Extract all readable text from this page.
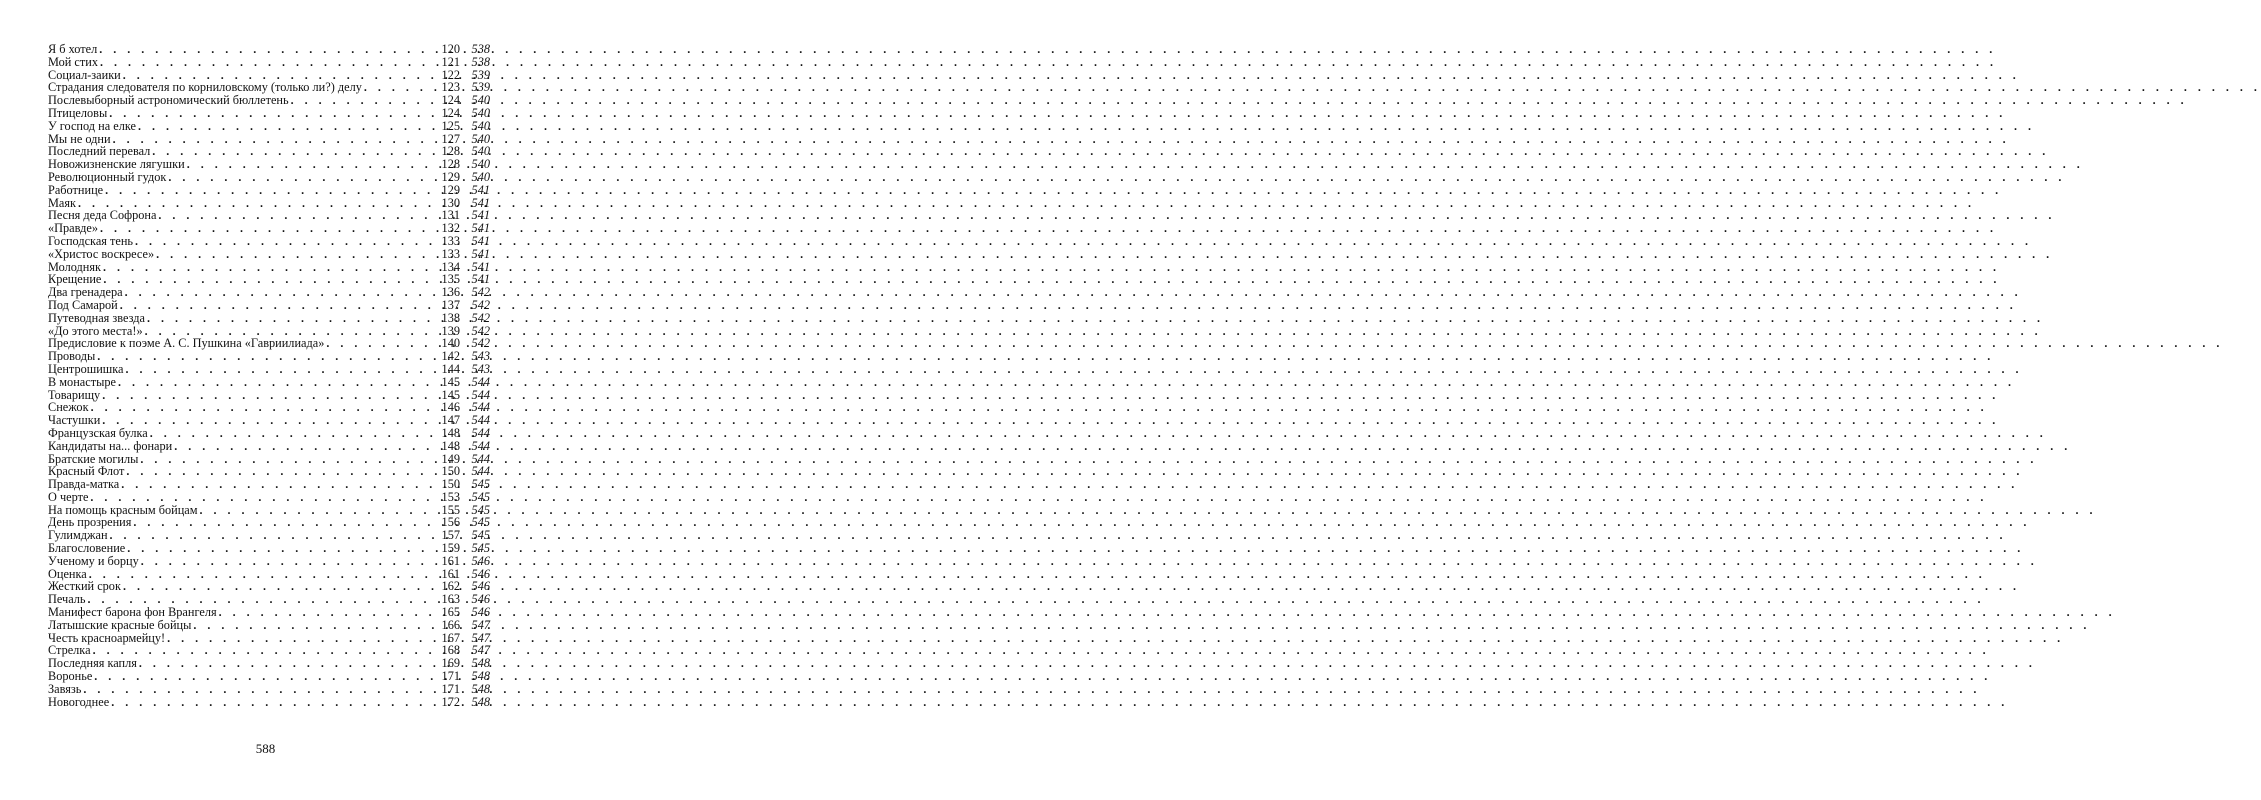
Я б хотел . . .	120 538
Мой стих . . .	121 538
Социал-заики . . .	122 539
Страдания следователя по корниловскому (только ли?) делу . . .	123 539
Послевыборный астрономический бюллетень . . .	124 540
Птицеловы . . .	124 540
У господ на елке . . .	125 540
Мы не одни . . .	127 540
Последний перевал . . .	128 540
Новожизненские лягушки . . .	128 540
Революционный гудок . . .	129 540
Работнице . . .	129 541
Маяк . . .	130 541
Песня деда Софрона . . .	131 541
«Правде» . . .	132 541
Господская тень . . .	133 541
«Христос воскресе» . . .	133 541
Молодняк . . .	134 541
Крещение . . .	135 541
Два гренадера . . .	136 542
Под Самарой . . .	137 542
Путеводная звезда . . .	138 542
«До этого места!» . . .	139 542
Предисловие к поэме А. С. Пушкина «Гавриилиада» . . .	140 542
Проводы . . .	142 543
Центрошишка . . .	144 543
В монастыре . . .	145 544
Товарищу . . .	145 544
Снежок . . .	146 544
Частушки . . .	147 544
Французская булка . . .	148 544
Кандидаты на... фонари . . .	148 544
Братские могилы . . .	149 544
Красный Флот . . .	150 544
Правда-матка . . .	150 545
О черте . . .	153 545
На помощь красным бойцам . . .	155 545
День прозрения . . .	156 545
Гулимджан . . .	157 545
Благословение . . .	159 545
Ученому и борцу . . .	161 546
Оценка . . .	161 546
Жесткий срок . . .	162 546
Печаль . . .	163 546
Манифест барона фон Врангеля . . .	165 546
Латышские красные бойцы . . .	166 547
Честь красноармейцу! . . .	167 547
Стрелка . . .	168 547
Последняя капля . . .	169 548
Воронье . . .	171 548
Завязь . . .	171 548
Новогоднее . . .	172 548
588
